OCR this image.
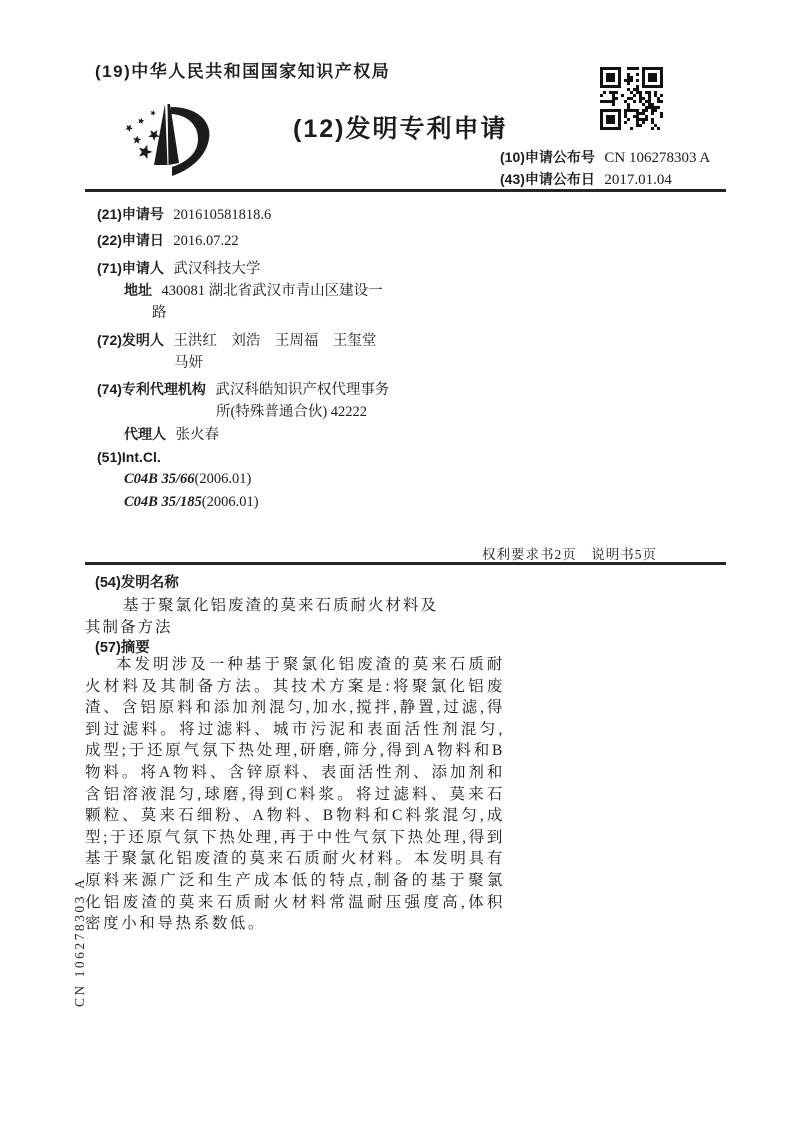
(19)中华人民共和国国家知识产权局
(12)发明专利申请
(10)申请公布号 CN 106278303 A
(43)申请公布日 2017.01.04
(21)申请号 201610581818.6
(22)申请日 2016.07.22
(71)申请人 武汉科技大学
地址 430081 湖北省武汉市青山区建设一
路
(72)发明人 王洪红　刘浩　王周福　王玺堂
马妍
(74)专利代理机构 武汉科皓知识产权代理事务
所(特殊普通合伙) 42222
代理人 张火春
(51)Int.Cl.
C04B 35/66(2006.01)
C04B 35/185(2006.01)
权利要求书2页　说明书5页
(54)发明名称
基于聚氯化铝废渣的莫来石质耐火材料及
其制备方法
(57)摘要
本发明涉及一种基于聚氯化铝废渣的莫来石质耐火材料及其制备方法。其技术方案是:将聚氯化铝废渣、含铝原料和添加剂混匀,加水,搅拌,静置,过滤,得到过滤料。将过滤料、城市污泥和表面活性剂混匀,成型;于还原气氛下热处理,研磨,筛分,得到A物料和B物料。将A物料、含锌原料、表面活性剂、添加剂和含铝溶液混匀,球磨,得到C料浆。将过滤料、莫来石颗粒、莫来石细粉、A物料、B物料和C料浆混匀,成型;于还原气氛下热处理,再于中性气氛下热处理,得到基于聚氯化铝废渣的莫来石质耐火材料。本发明具有原料来源广泛和生产成本低的特点,制备的基于聚氯化铝废渣的莫来石质耐火材料常温耐压强度高,体积密度小和导热系数低。
CN 106278303 A
